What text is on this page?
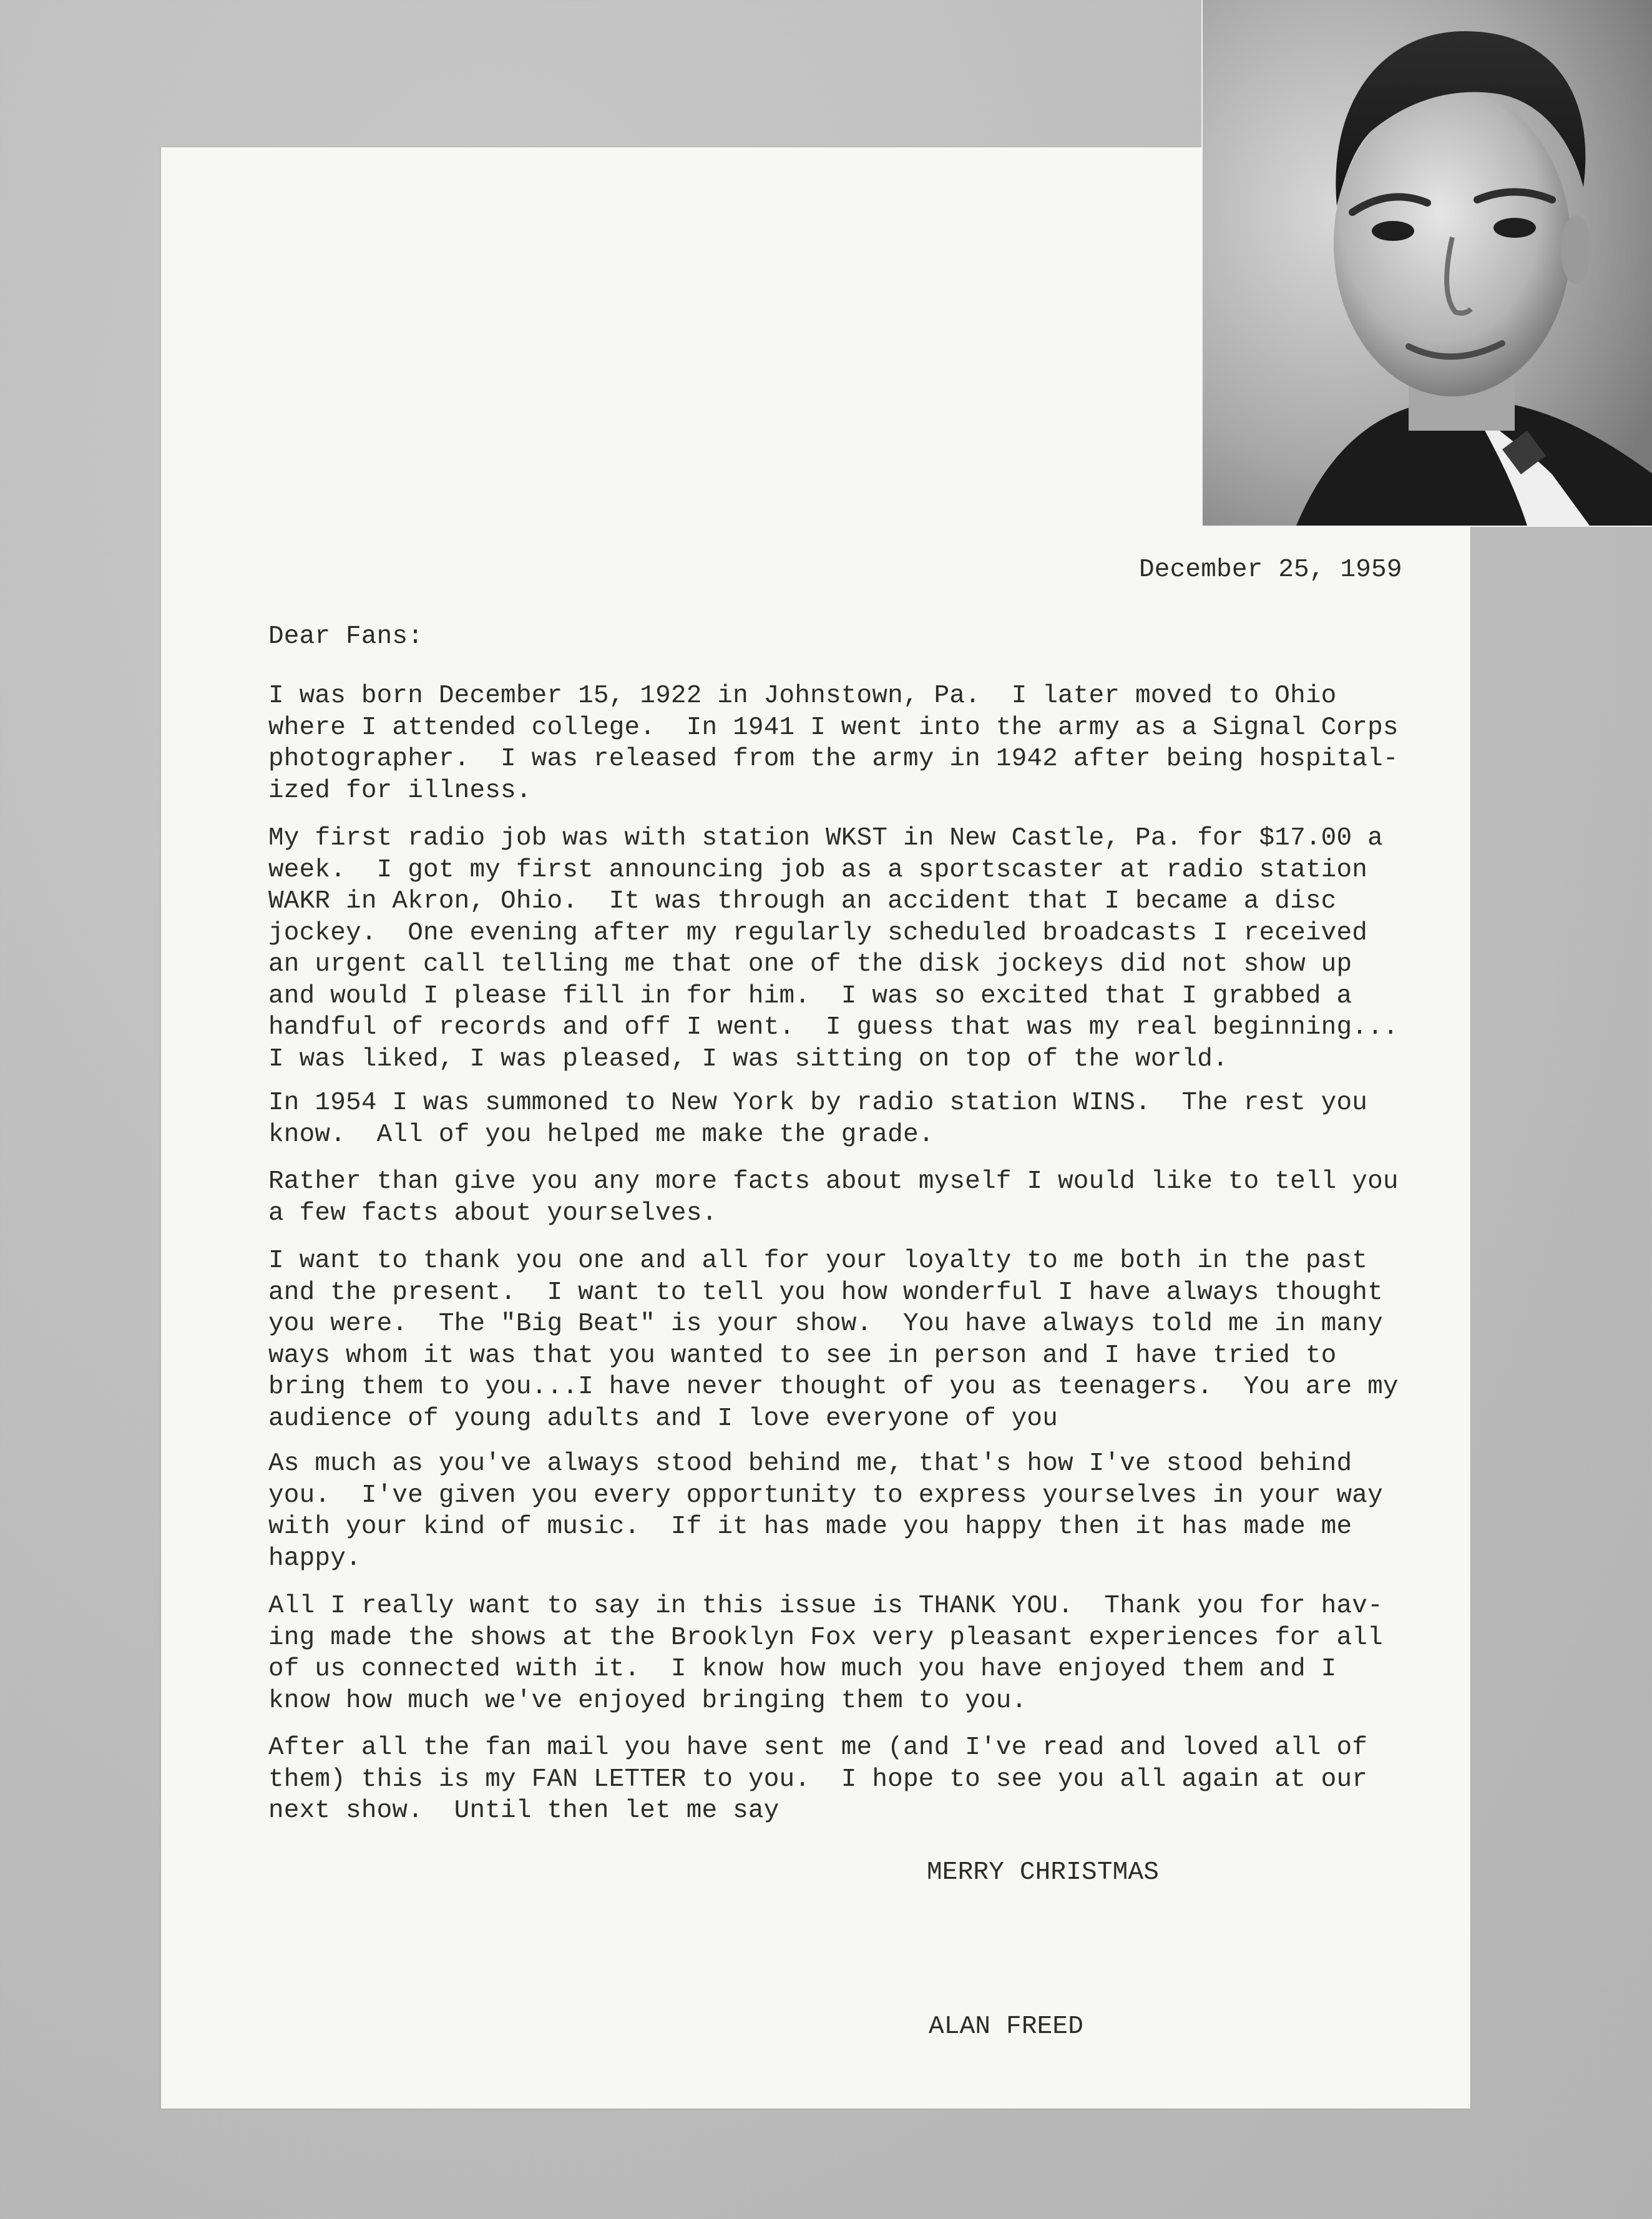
December 25, 1959
Dear Fans:
I was born December 15, 1922 in Johnstown, Pa.  I later moved to Ohio
where I attended college.  In 1941 I went into the army as a Signal Corps
photographer.  I was released from the army in 1942 after being hospital-
ized for illness.
My first radio job was with station WKST in New Castle, Pa. for $17.00 a
week.  I got my first announcing job as a sportscaster at radio station
WAKR in Akron, Ohio.  It was through an accident that I became a disc
jockey.  One evening after my regularly scheduled broadcasts I received
an urgent call telling me that one of the disk jockeys did not show up
and would I please fill in for him.  I was so excited that I grabbed a
handful of records and off I went.  I guess that was my real beginning...
I was liked, I was pleased, I was sitting on top of the world.
In 1954 I was summoned to New York by radio station WINS.  The rest you
know.  All of you helped me make the grade.
Rather than give you any more facts about myself I would like to tell you
a few facts about yourselves.
I want to thank you one and all for your loyalty to me both in the past
and the present.  I want to tell you how wonderful I have always thought
you were.  The "Big Beat" is your show.  You have always told me in many
ways whom it was that you wanted to see in person and I have tried to
bring them to you...I have never thought of you as teenagers.  You are my
audience of young adults and I love everyone of you
As much as you've always stood behind me, that's how I've stood behind
you.  I've given you every opportunity to express yourselves in your way
with your kind of music.  If it has made you happy then it has made me
happy.
All I really want to say in this issue is THANK YOU.  Thank you for hav-
ing made the shows at the Brooklyn Fox very pleasant experiences for all
of us connected with it.  I know how much you have enjoyed them and I
know how much we've enjoyed bringing them to you.
After all the fan mail you have sent me (and I've read and loved all of
them) this is my FAN LETTER to you.  I hope to see you all again at our
next show.  Until then let me say
MERRY CHRISTMAS
ALAN FREED
